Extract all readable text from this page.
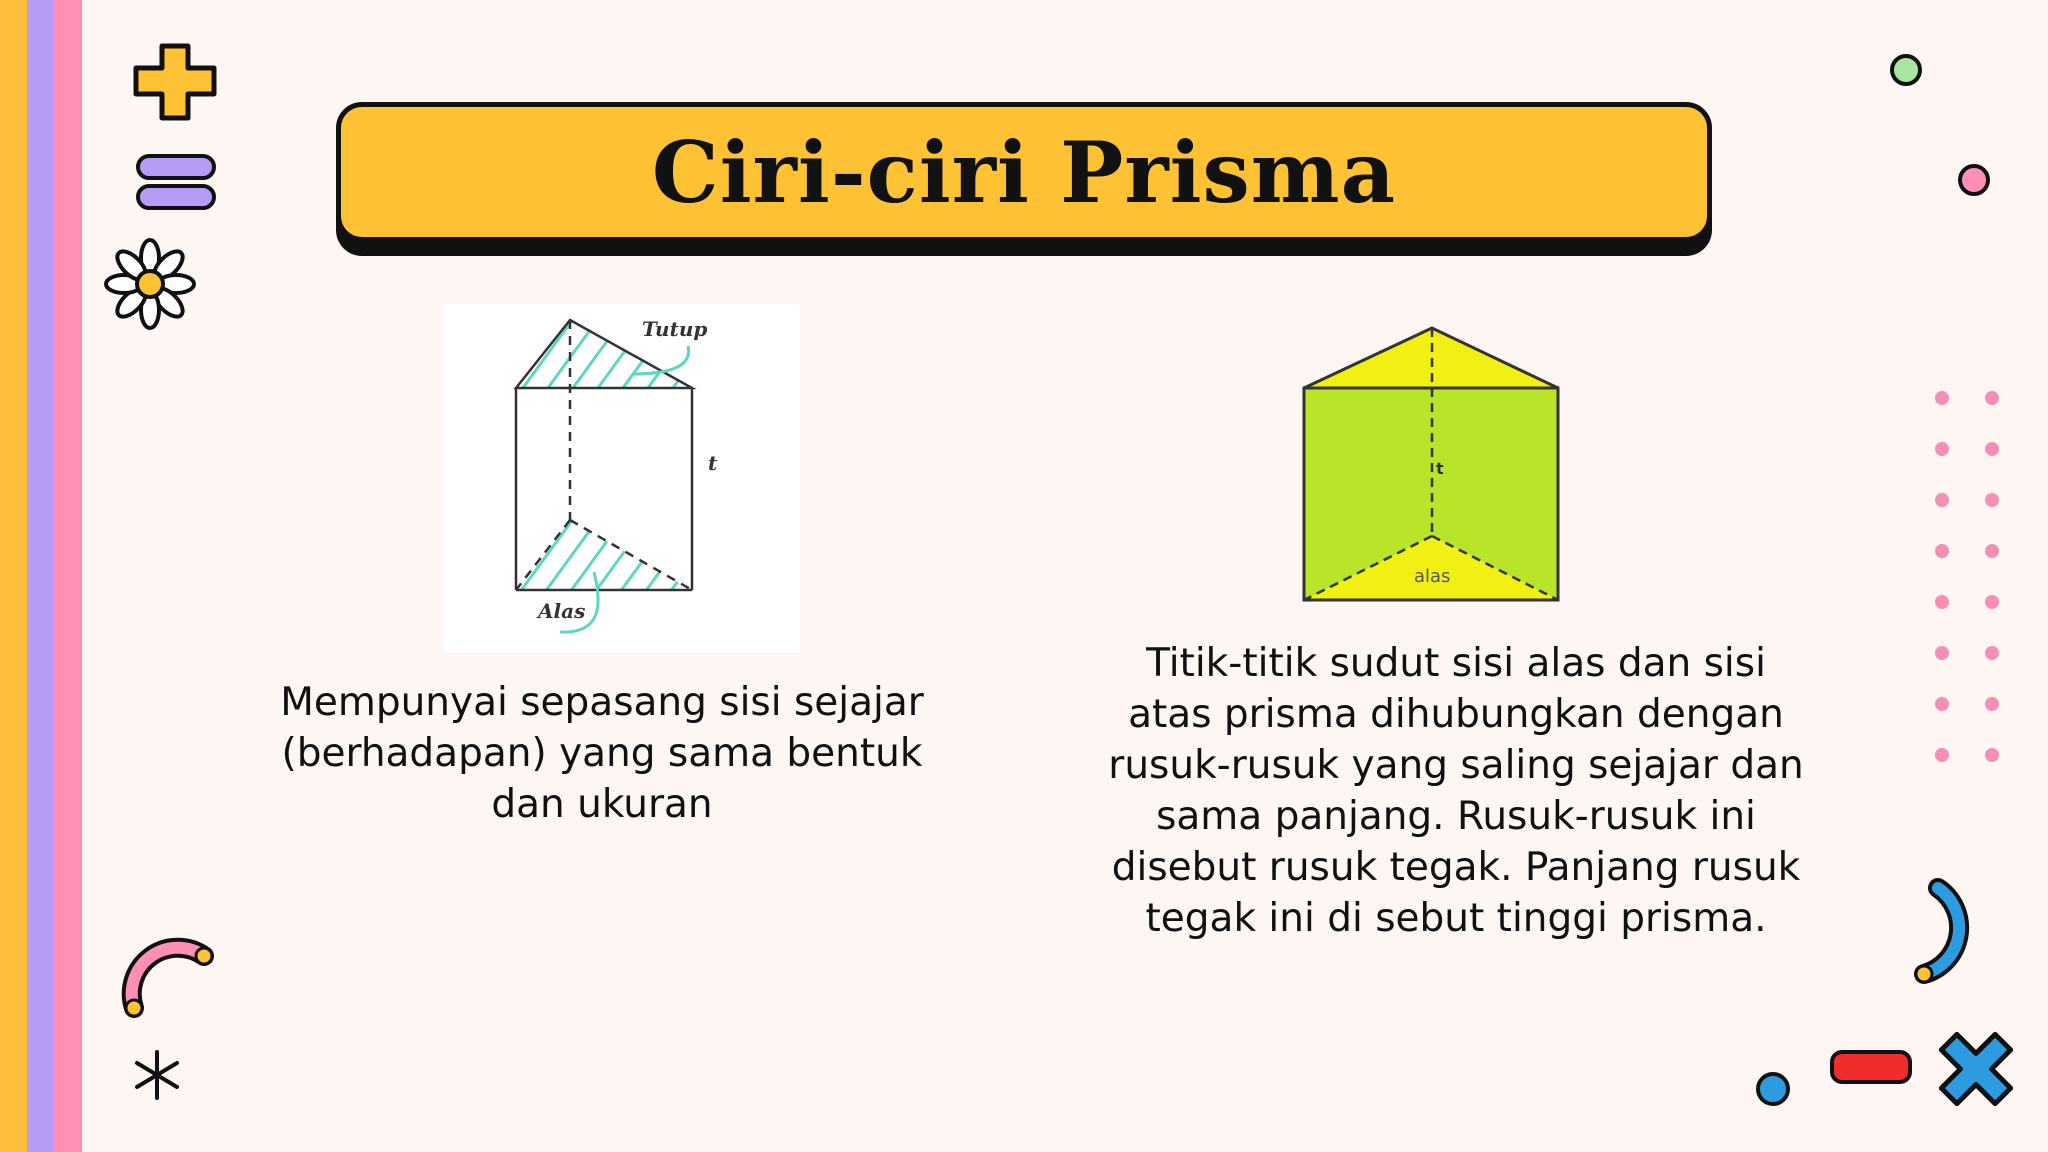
Ciri-ciri Prisma
Tutup
t
Alas
t
alas
Mempunyai sepasang sisi sejajar (berhadapan) yang sama bentuk dan ukuran
Titik-titik sudut sisi alas dan sisi atas prisma dihubungkan dengan rusuk-rusuk yang saling sejajar dan sama panjang. Rusuk-rusuk ini disebut rusuk tegak. Panjang rusuk tegak ini di sebut tinggi prisma.
